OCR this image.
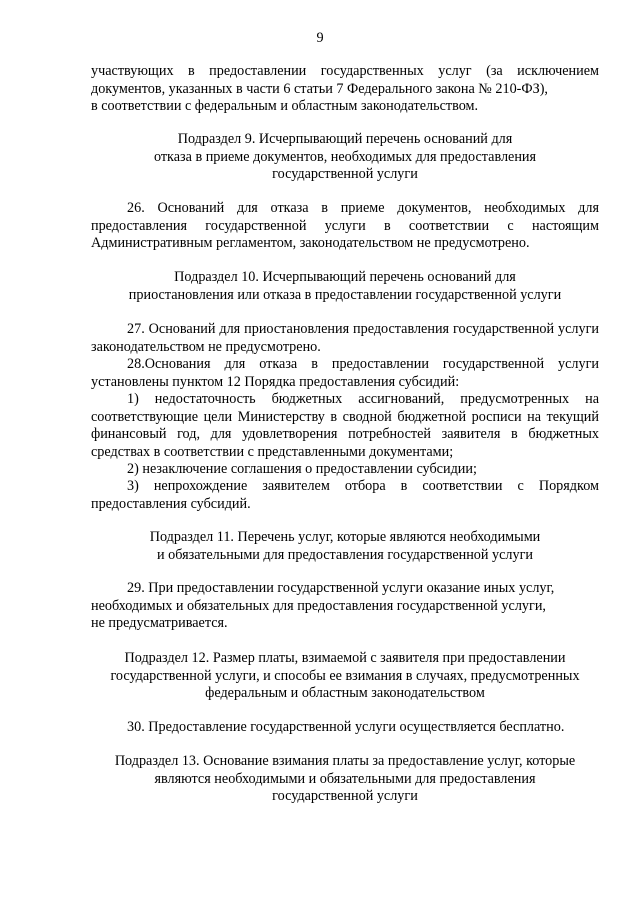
9
участвующих в предоставлении государственных услуг (за исключением
документов, указанных в части 6 статьи 7 Федерального закона № 210-ФЗ),
в соответствии с федеральным и областным законодательством.
Подраздел 9. Исчерпывающий перечень оснований для
отказа в приеме документов, необходимых для предоставления
государственной услуги
26. Оснований для отказа в приеме документов, необходимых для предоставления государственной услуги в соответствии с настоящим Административным регламентом, законодательством не предусмотрено.
Подраздел 10. Исчерпывающий перечень оснований для
приостановления или отказа в предоставлении государственной услуги
27. Оснований для приостановления предоставления государственной услуги законодательством не предусмотрено.
28.Основания для отказа в предоставлении государственной услуги установлены пунктом 12 Порядка предоставления субсидий:
1) недостаточность бюджетных ассигнований, предусмотренных на соответствующие цели Министерству в сводной бюджетной росписи на текущий финансовый год, для удовлетворения потребностей заявителя в бюджетных средствах в соответствии с представленными документами;
2) незаключение соглашения о предоставлении субсидии;
3) непрохождение заявителем отбора в соответствии с Порядком предоставления субсидий.
Подраздел 11. Перечень услуг, которые являются необходимыми
и обязательными для предоставления государственной услуги
29. При предоставлении государственной услуги оказание иных услуг,
необходимых и обязательных для предоставления государственной услуги,
не предусматривается.
Подраздел 12. Размер платы, взимаемой с заявителя при предоставлении
государственной услуги, и способы ее взимания в случаях, предусмотренных
федеральным и областным законодательством
30. Предоставление государственной услуги осуществляется бесплатно.
Подраздел 13. Основание взимания платы за предоставление услуг, которые
являются необходимыми и обязательными для предоставления
государственной услуги
